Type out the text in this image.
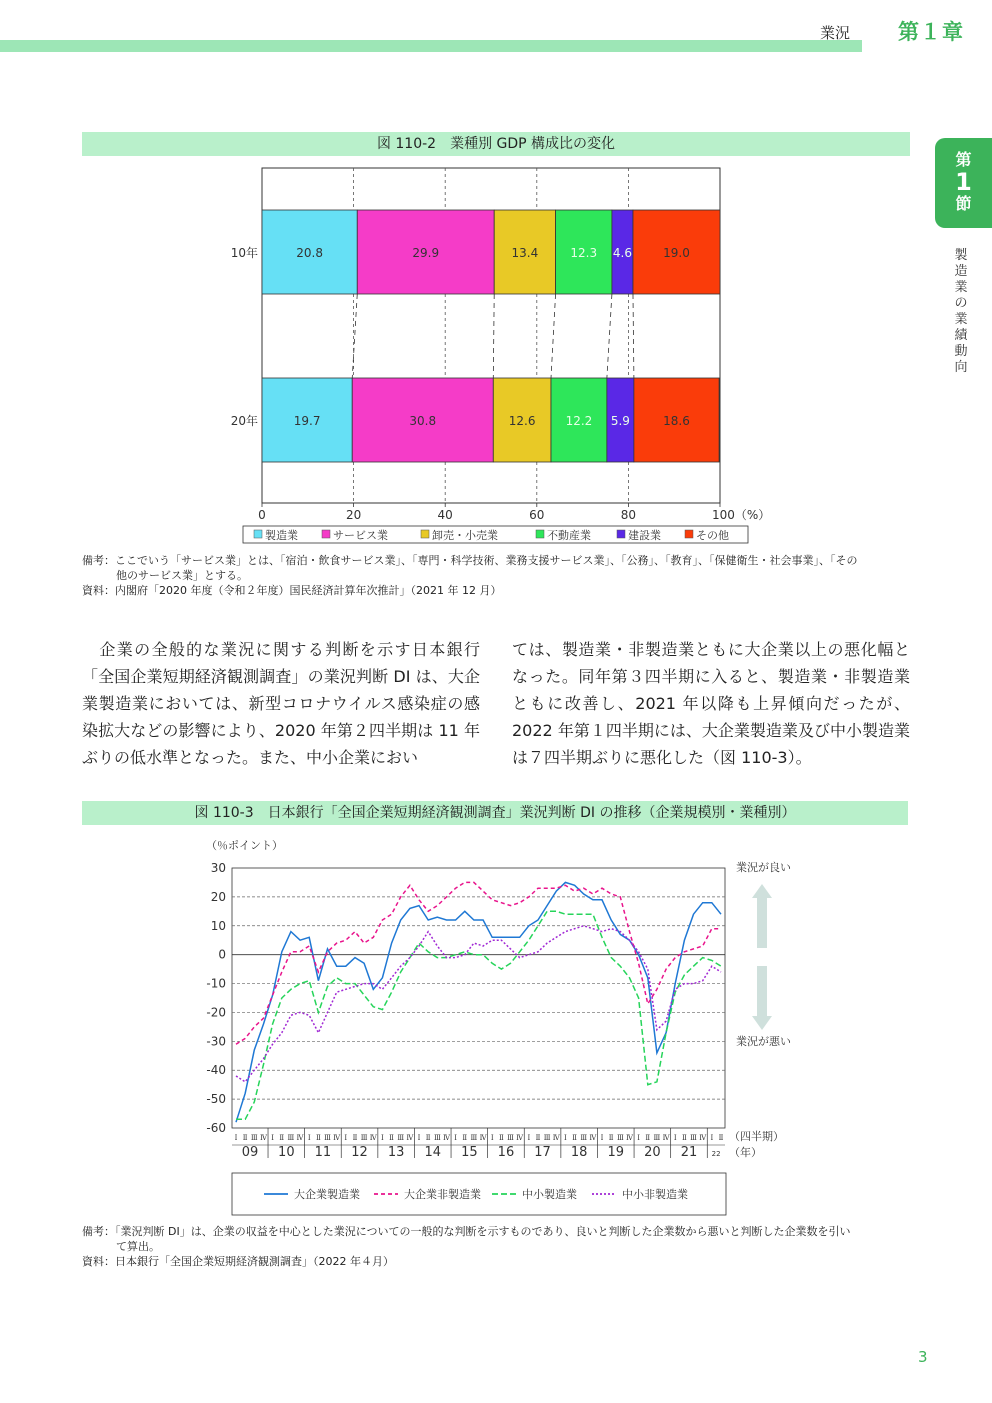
業況 第１章
第
1
節
製造業の業績動向
図 110-2　業種別 GDP 構成比の変化
20.8	29.9	13.4	12.3 4.6	19.0
10年
19.7	30.8	12.6	12.2 5.9	18.6
20年
0	20	40	60	80	100（%）
製造業	サービス業	卸売・小売業	不動産業	建設業	その他
備考：ここでいう「サービス業」とは、「宿泊・飲食サービス業」、「専門・科学技術、業務支援サービス業」、「公務」、「教育」、「保健衛生・社会事業」、「その
他のサービス業」とする。
資料：内閣府「2020 年度（令和２年度）国民経済計算年次推計」（2021 年 12 月）
　企業の全般的な業況に関する判断を示す日本銀行「全国企業短期経済観測調査」の業況判断 DI は、大企業製造業においては、新型コロナウイルス感染症の感染拡大などの影響により、2020 年第２四半期は 11 年ぶりの低水準となった。また、中小企業におい
ては、製造業・非製造業ともに大企業以上の悪化幅となった。同年第３四半期に入ると、製造業・非製造業ともに改善し、2021 年以降も上昇傾向だったが、2022 年第１四半期には、大企業製造業及び中小製造業は７四半期ぶりに悪化した（図 110-3）。
図 110-3　日本銀行「全国企業短期経済観測調査」業況判断 DI の推移（企業規模別・業種別）
（％ポイント）
30
20
10
0
-10
-20
-30
-40
-50
-60
Ⅰ Ⅱ Ⅲ Ⅳ Ⅰ Ⅱ Ⅲ Ⅳ Ⅰ Ⅱ Ⅲ Ⅳ Ⅰ Ⅱ Ⅲ Ⅳ Ⅰ Ⅱ Ⅲ Ⅳ Ⅰ Ⅱ Ⅲ Ⅳ Ⅰ Ⅱ Ⅲ Ⅳ Ⅰ Ⅱ Ⅲ Ⅳ Ⅰ Ⅱ Ⅲ Ⅳ Ⅰ Ⅱ Ⅲ Ⅳ Ⅰ Ⅱ Ⅲ Ⅳ Ⅰ Ⅱ Ⅲ Ⅳ Ⅰ Ⅱ Ⅲ Ⅳ Ⅰ Ⅱ
09 10 11 12 13 14 15 16 17 18 19 20 21 22
（四半期）
（年）
業況が良い
業況が悪い
大企業製造業	大企業非製造業	中小製造業	中小非製造業
備考：「業況判断 DI」は、企業の収益を中心とした業況についての一般的な判断を示すものであり、良いと判断した企業数から悪いと判断した企業数を引い
て算出。
資料：日本銀行「全国企業短期経済観測調査」（2022 年４月）
3
